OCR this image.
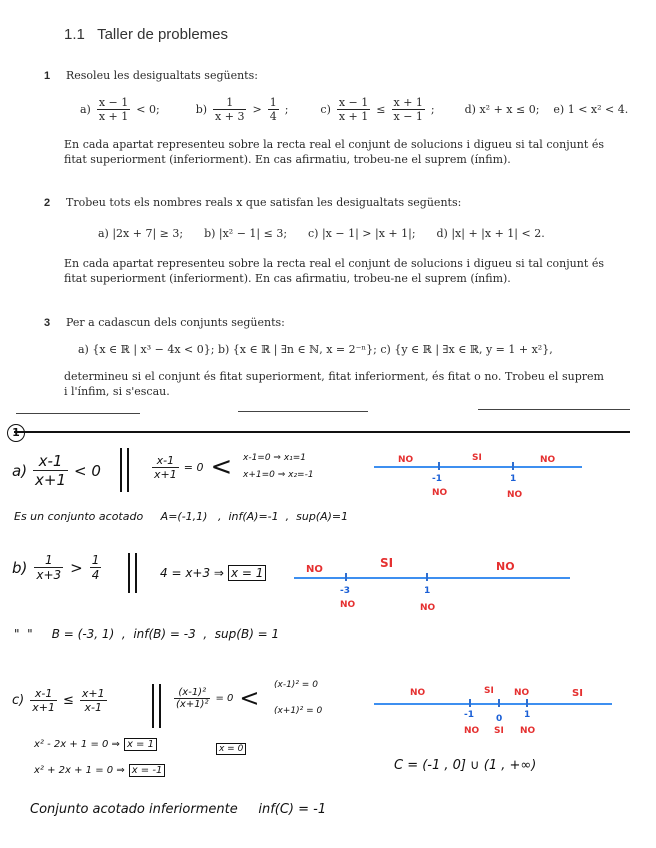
1.1 Taller de problemes
1 Resoleu les desigualtats següents:
$a) \frac{x - 1}{x + 1} < 0$;	$b) \frac{1}{x + 3} > \frac{1}{4}$ ;	$c) \frac{x - 1}{x + 1} \le \frac{x + 1}{x - 1}$ ;	d) x² + x ≤ 0; e) 1 < x² < 4.
En cada apartat representeu sobre la recta real el conjunt de solucions i digueu si tal conjunt és fitat superiorment (inferiorment). En cas afirmatiu, trobeu-ne el suprem (ínfim).
2 Trobeu tots els nombres reals x que satisfan les desigualtats següents:
a) |2x + 7| ≥ 3;      b) |x² − 1| ≤ 3;      c) |x − 1| > |x + 1|;      d) |x| + |x + 1| < 2.
En cada apartat representeu sobre la recta real el conjunt de solucions i digueu si tal conjunt és fitat superiorment (inferiorment). En cas afirmatiu, trobeu-ne el suprem (ínfim).
3 Per a cadascun dels conjunts següents:
a) {x ∈ ℝ | x³ − 4x < 0}; b) {x ∈ ℝ | ∃n ∈ ℕ, x = 2⁻ⁿ}; c) {y ∈ ℝ | ∃x ∈ ℝ, y = 1 + x²},
determineu si el conjunt és fitat superiorment, fitat inferiorment, és fitat o no. Trobeu el suprem i l'ínfim, si s'escau.
1
$a) \frac{x-1}{x+1} < 0$	$\frac{x-1}{x+1} = 0 < x-1=0$ ⇒ x₁=1
x+1=0 ⇒ x₂=-1
NO	SI	NO
-1	1
NO	NO
Es un conjunto acotado     A=(-1,1)   ,  inf(A)=-1  ,  sup(A)=1
$b) \frac{1}{x+3} > \frac{1}{4}$	4 = x+3 ⇒ x = 1	NO	SI	NO
-3	1
NO	NO
"  "     B = (-3, 1)  ,  inf(B) = -3  ,  sup(B) = 1
$c) \frac{x-1}{x+1} \le \frac{x+1}{x-1}$	$\frac{\text{(x-1)²}}{\text{(x+1)²}} = 0 < (x-1)^2 = 0$
(x+1)² = 0
x² - 2x + 1 = 0 ⇒ x = 1	x = 0
x² + 2x + 1 = 0 ⇒ x = -1
NO	SI NO	SI
-1 0 1
NO SI NO
C = (-1 , 0] ∪ (1 , +∞)
Conjunto acotado inferiormente     inf(C) = -1
